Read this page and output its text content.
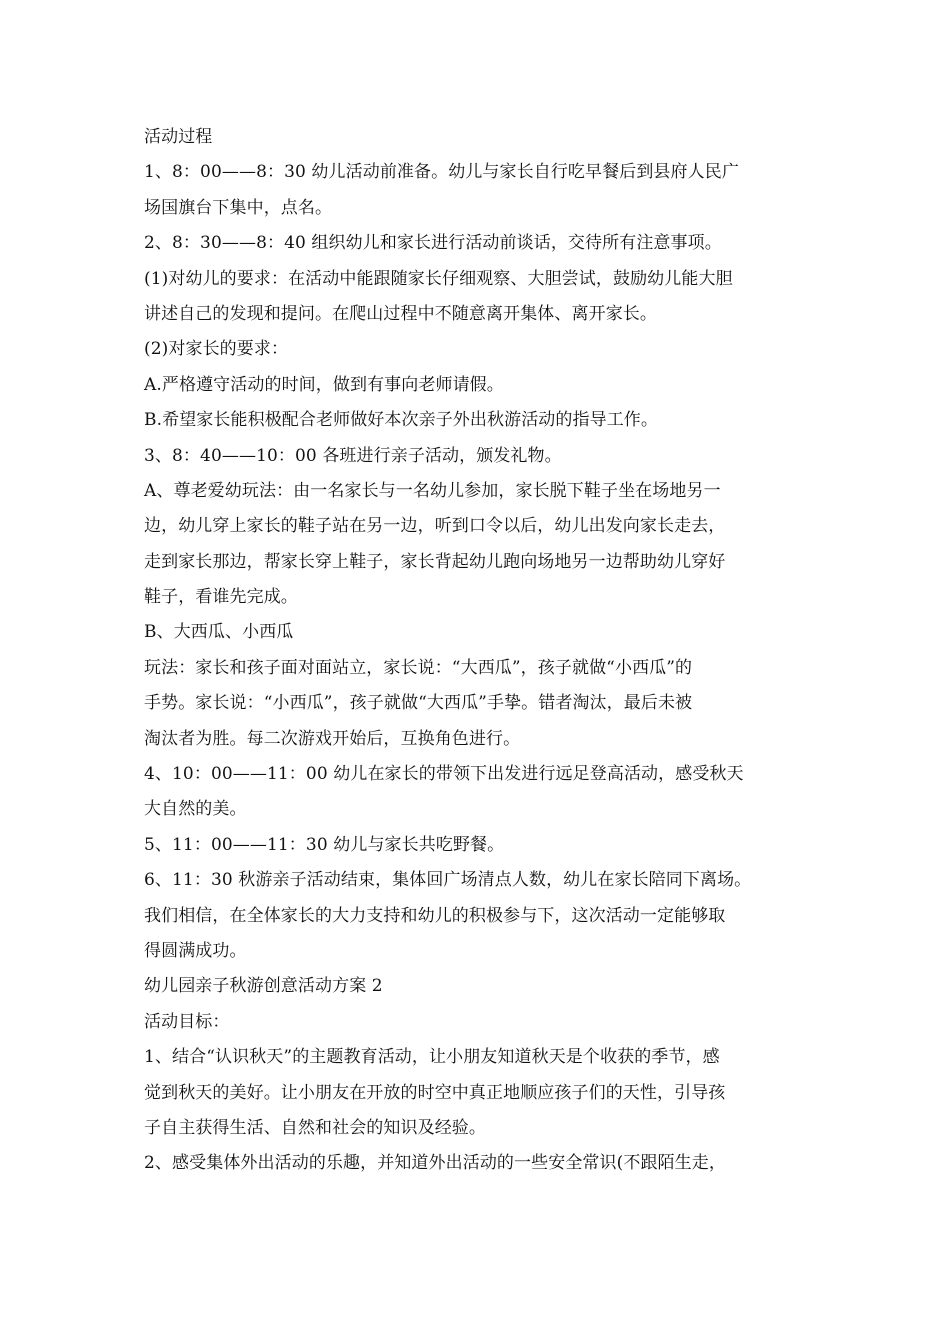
活动过程
1、8：00——8：30 幼儿活动前准备。幼儿与家长自行吃早餐后到县府人民广
场国旗台下集中，点名。
2、8：30——8：40 组织幼儿和家长进行活动前谈话，交待所有注意事项。
(1)对幼儿的要求：在活动中能跟随家长仔细观察、大胆尝试，鼓励幼儿能大胆
讲述自己的发现和提问。在爬山过程中不随意离开集体、离开家长。
(2)对家长的要求：
A.严格遵守活动的时间，做到有事向老师请假。
B.希望家长能积极配合老师做好本次亲子外出秋游活动的指导工作。
3、8：40——10：00 各班进行亲子活动，颁发礼物。
A、尊老爱幼玩法：由一名家长与一名幼儿参加，家长脱下鞋子坐在场地另一
边，幼儿穿上家长的鞋子站在另一边，听到口令以后，幼儿出发向家长走去，
走到家长那边，帮家长穿上鞋子，家长背起幼儿跑向场地另一边帮助幼儿穿好
鞋子，看谁先完成。
B、大西瓜、小西瓜
玩法：家长和孩子面对面站立，家长说：“大西瓜”，孩子就做“小西瓜”的
手势。家长说：“小西瓜”，孩子就做“大西瓜”手挚。错者淘汰，最后未被
淘汰者为胜。每二次游戏开始后，互换角色进行。
4、10：00——11：00 幼儿在家长的带领下出发进行远足登高活动，感受秋天
大自然的美。
5、11：00——11：30 幼儿与家长共吃野餐。
6、11：30 秋游亲子活动结束，集体回广场清点人数，幼儿在家长陪同下离场。
我们相信，在全体家长的大力支持和幼儿的积极参与下，这次活动一定能够取
得圆满成功。
幼儿园亲子秋游创意活动方案 2
活动目标：
1、结合“认识秋天”的主题教育活动，让小朋友知道秋天是个收获的季节，感
觉到秋天的美好。让小朋友在开放的时空中真正地顺应孩子们的天性，引导孩
子自主获得生活、自然和社会的知识及经验。
2、感受集体外出活动的乐趣，并知道外出活动的一些安全常识(不跟陌生走，
